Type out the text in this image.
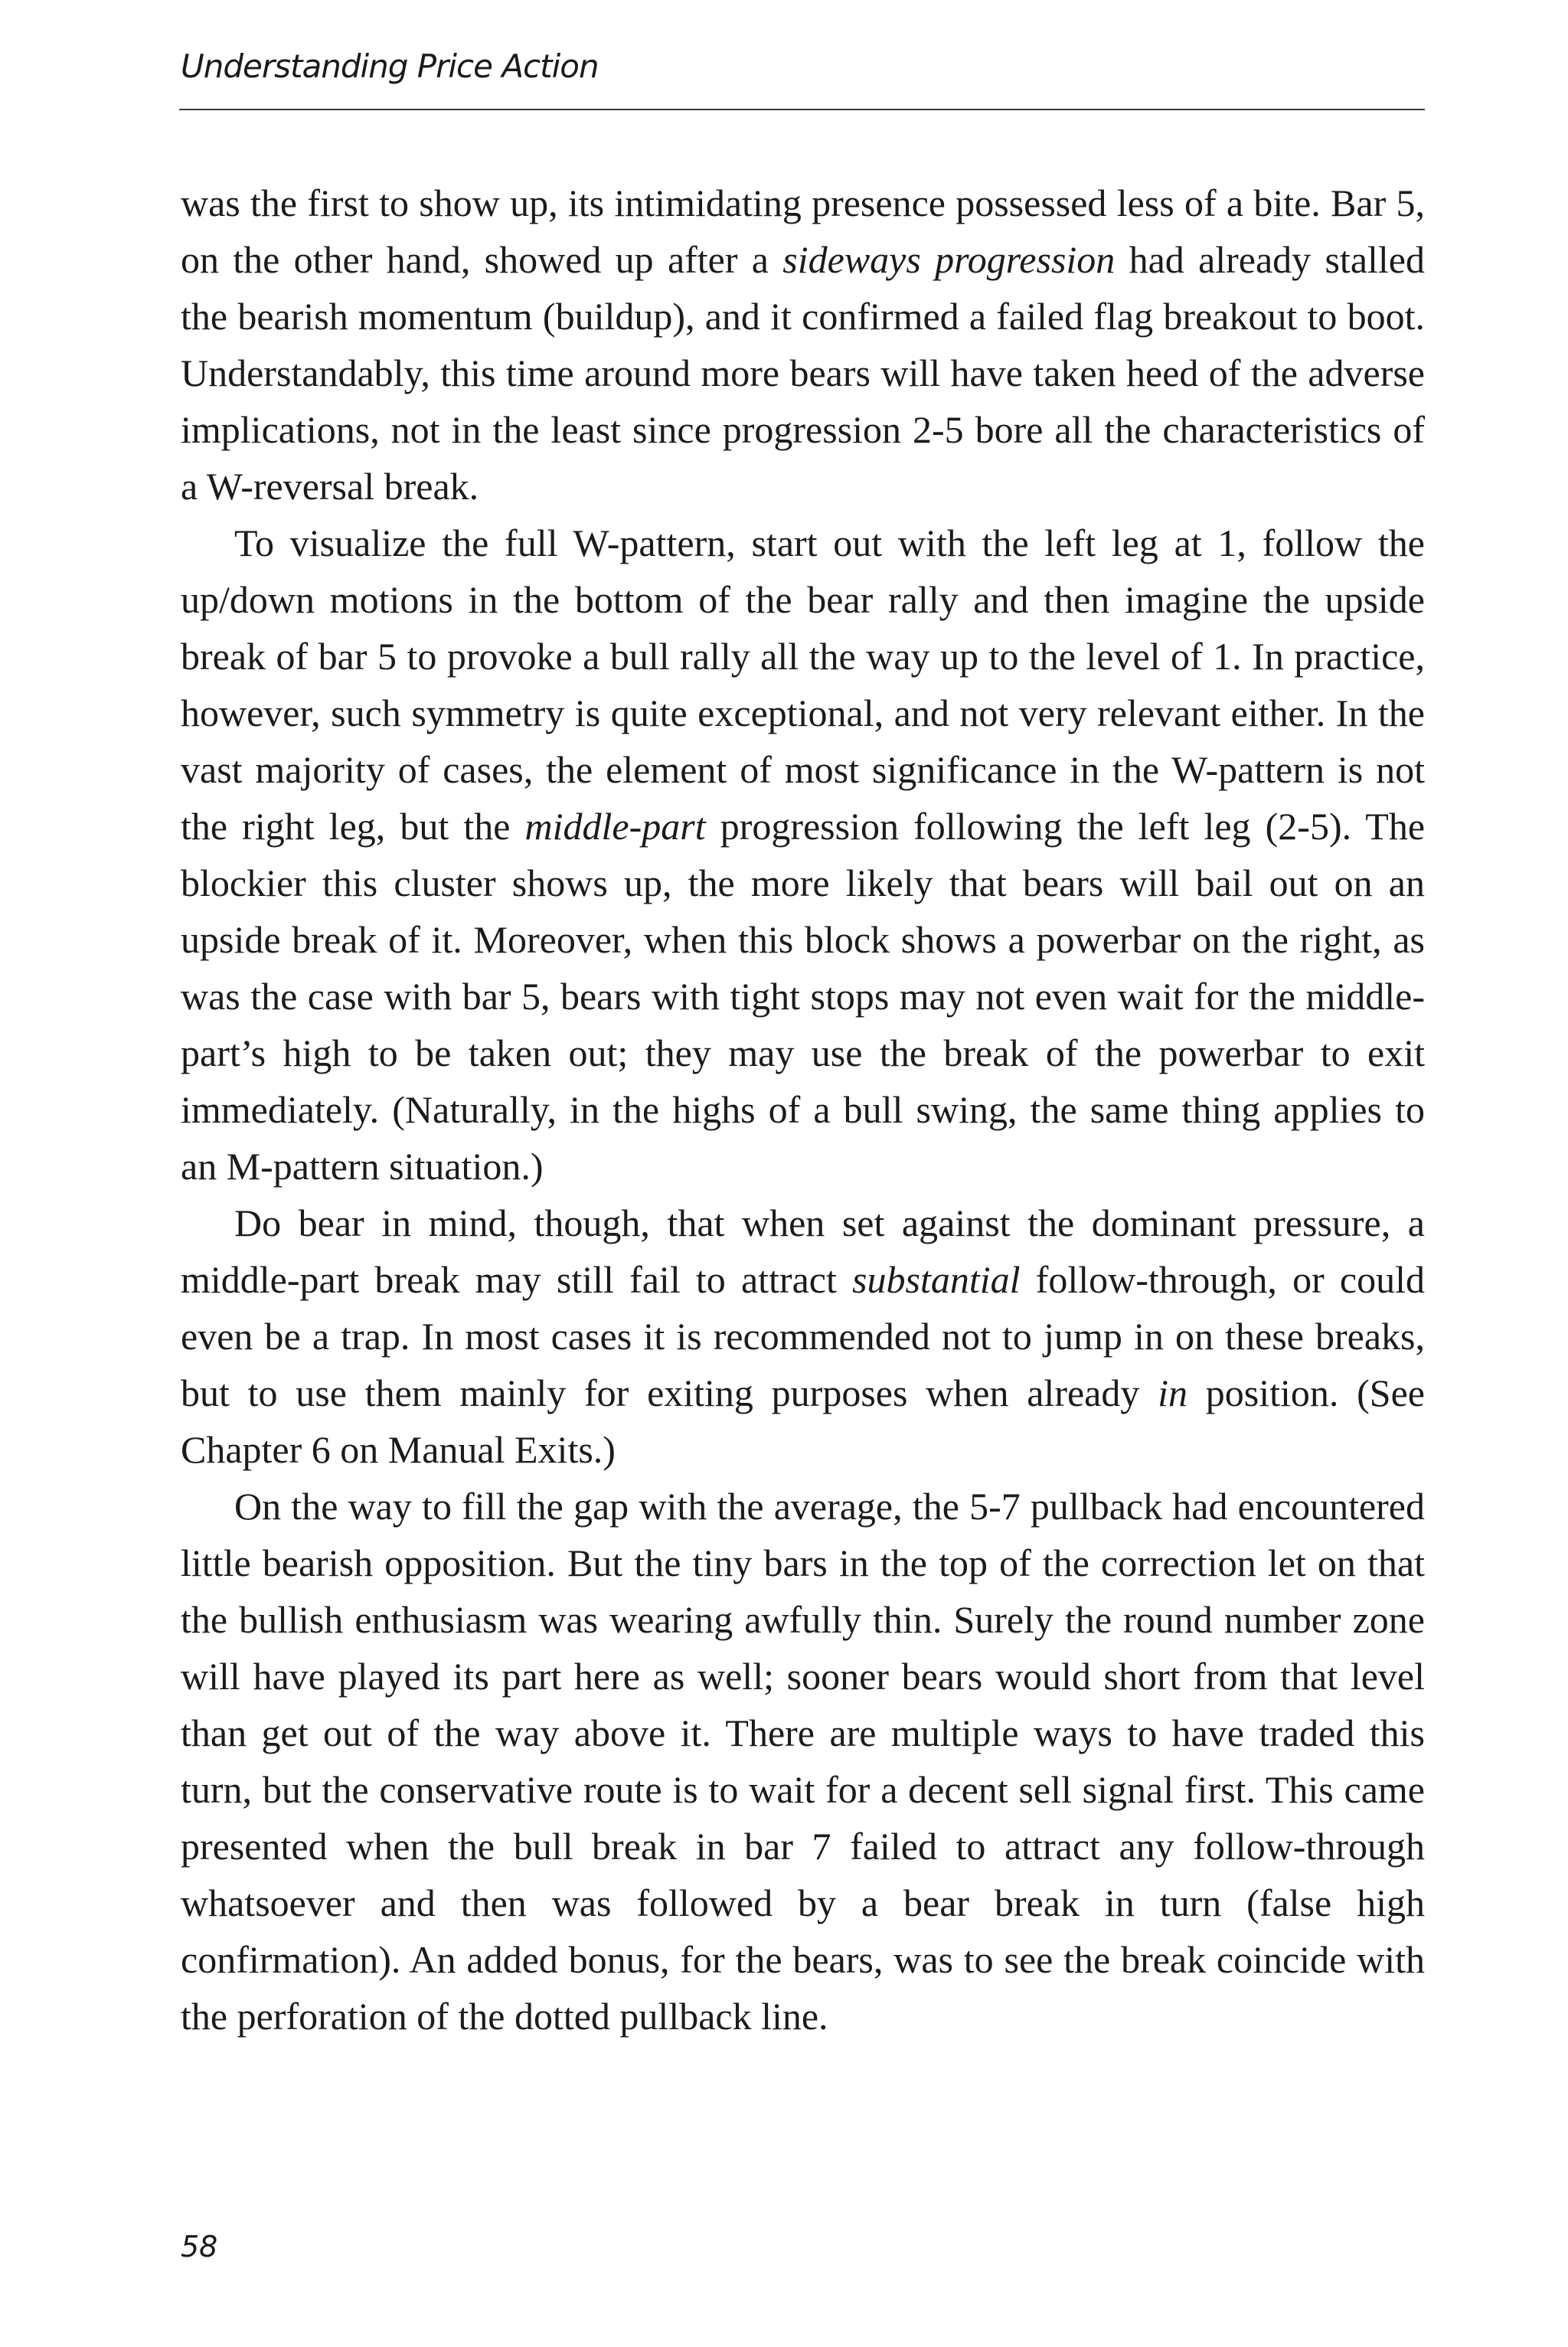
Understanding Price Action

was the first to show up, its intimidating presence possessed less of a bite. Bar 5, on the other hand, showed up after a sideways progression had already stalled the bearish momentum (buildup), and it confirmed a failed flag breakout to boot. Understandably, this time around more bears will have taken heed of the adverse implications, not in the least since progression 2-5 bore all the characteristics of a W-reversal break.

To visualize the full W-pattern, start out with the left leg at 1, follow the up/down motions in the bottom of the bear rally and then imagine the upside break of bar 5 to provoke a bull rally all the way up to the level of 1. In practice, however, such symmetry is quite exceptional, and not very relevant either. In the vast majority of cases, the element of most significance in the W-pattern is not the right leg, but the middle-part progression following the left leg (2-5). The blockier this cluster shows up, the more likely that bears will bail out on an upside break of it. Moreover, when this block shows a powerbar on the right, as was the case with bar 5, bears with tight stops may not even wait for the middle-part’s high to be taken out; they may use the break of the powerbar to exit immediately. (Naturally, in the highs of a bull swing, the same thing applies to an M-pattern situation.)

Do bear in mind, though, that when set against the dominant pressure, a middle-part break may still fail to attract substantial follow-through, or could even be a trap. In most cases it is recommended not to jump in on these breaks, but to use them mainly for exiting purposes when already in position. (See Chapter 6 on Manual Exits.)

On the way to fill the gap with the average, the 5-7 pullback had encountered little bearish opposition. But the tiny bars in the top of the correction let on that the bullish enthusiasm was wearing awfully thin. Surely the round number zone will have played its part here as well; sooner bears would short from that level than get out of the way above it. There are multiple ways to have traded this turn, but the conservative route is to wait for a decent sell signal first. This came presented when the bull break in bar 7 failed to attract any follow-through whatsoever and then was followed by a bear break in turn (false high confirmation). An added bonus, for the bears, was to see the break coincide with the perforation of the dotted pullback line.

58
